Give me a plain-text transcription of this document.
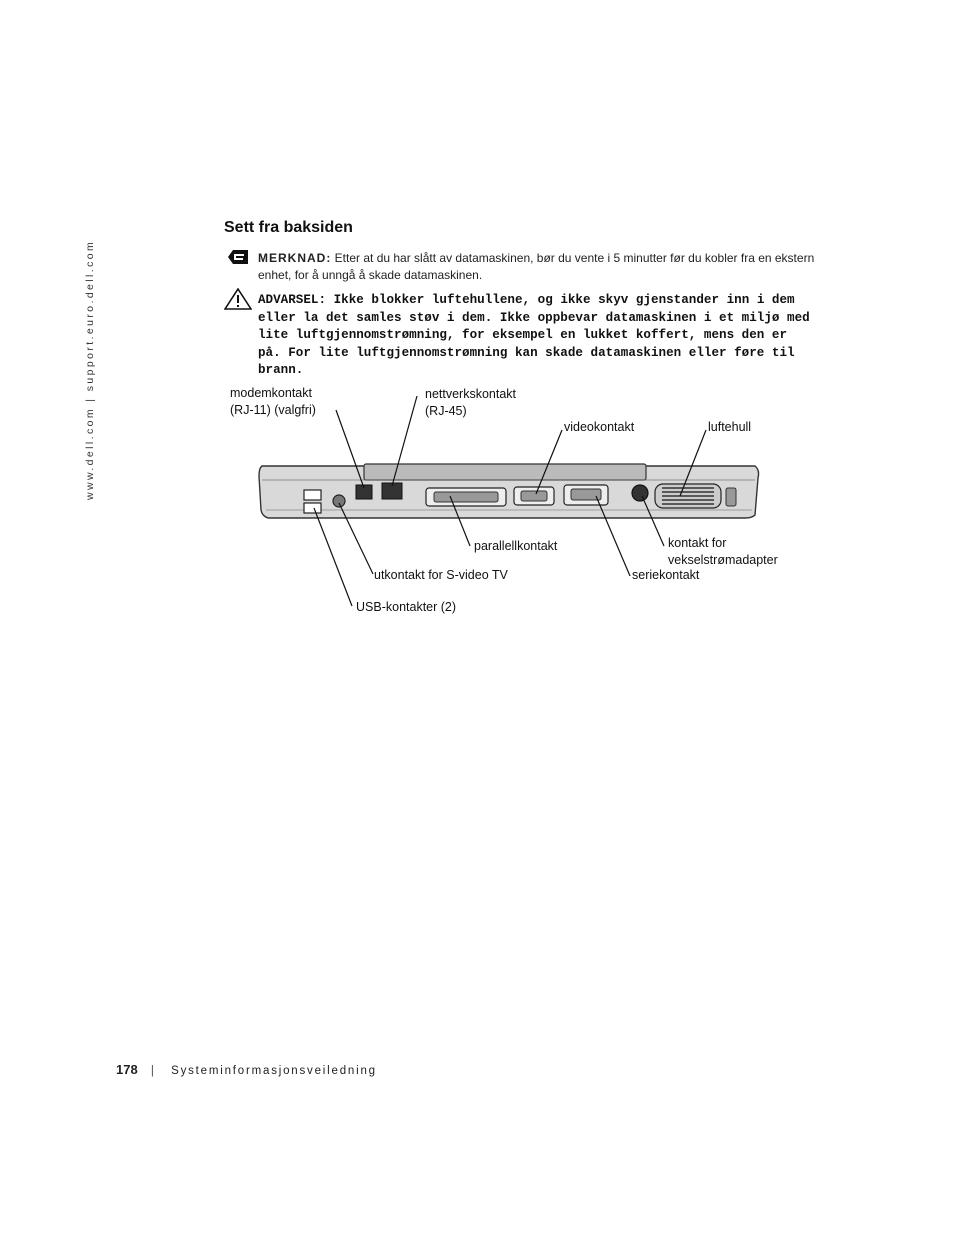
www.dell.com | support.euro.dell.com
Sett fra baksiden
MERKNAD: Etter at du har slått av datamaskinen, bør du vente i 5 minutter før du kobler fra en ekstern enhet, for å unngå å skade datamaskinen.
ADVARSEL: Ikke blokker luftehullene, og ikke skyv gjenstander inn i dem eller la det samles støv i dem. Ikke oppbevar datamaskinen i et miljø med lite luftgjennomstrømning, for eksempel en lukket koffert, mens den er på. For lite luftgjennomstrømning kan skade datamaskinen eller føre til brann.
modemkontakt
(RJ-11) (valgfri)
nettverkskontakt
(RJ-45)
videokontakt	luftehull
parallellkontakt
utkontakt for S-video TV
USB-kontakter (2)
seriekontakt
kontakt for
vekselstrømadapter
178 | Systeminformasjonsveiledning
